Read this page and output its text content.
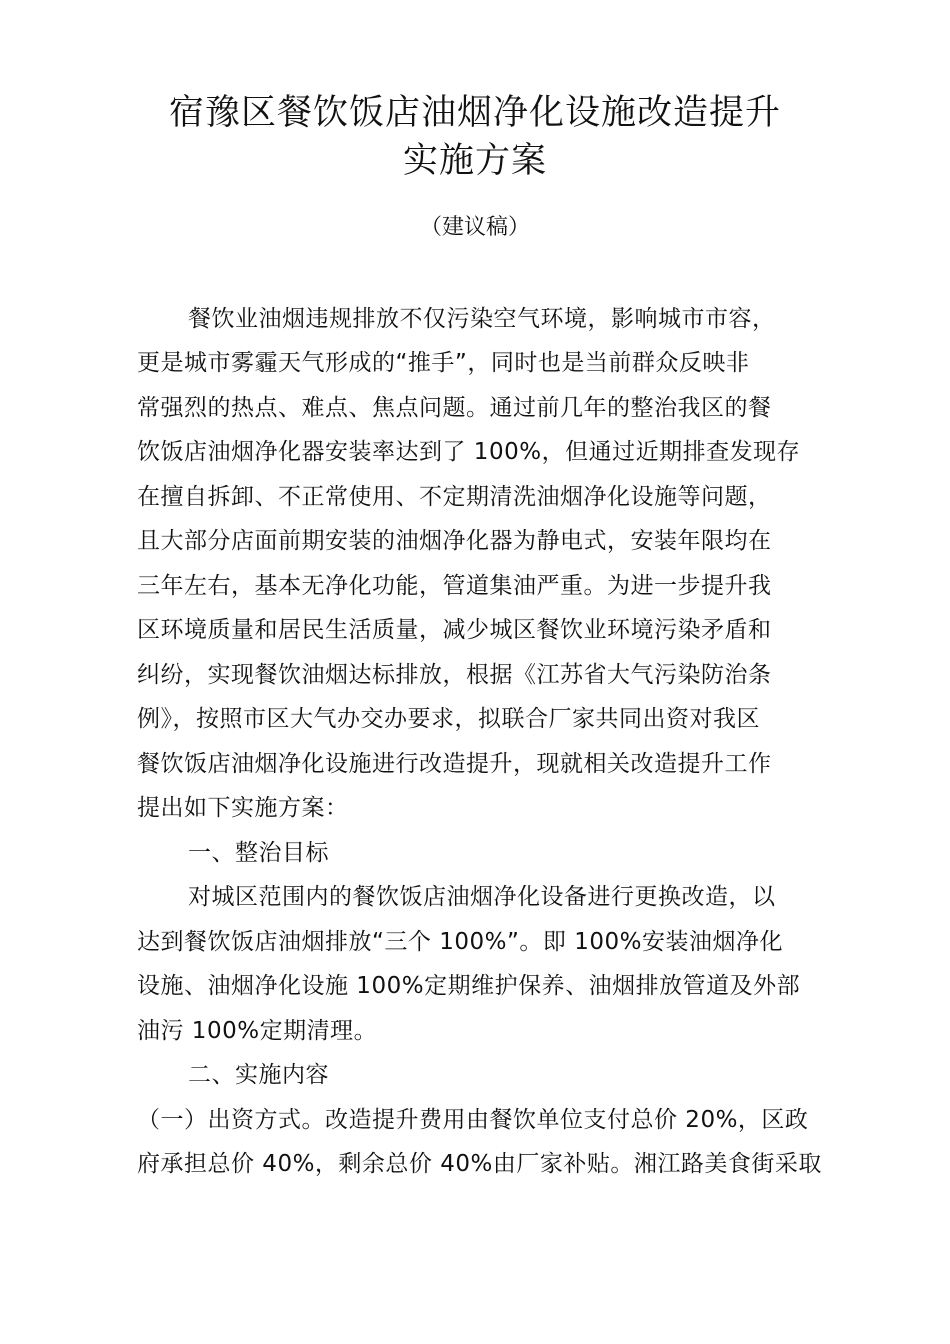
宿豫区餐饮饭店油烟净化设施改造提升
实施方案
（建议稿）
餐饮业油烟违规排放不仅污染空气环境，影响城市市容，
更是城市雾霾天气形成的“推手”，同时也是当前群众反映非
常强烈的热点、难点、焦点问题。通过前几年的整治我区的餐
饮饭店油烟净化器安装率达到了 100%，但通过近期排查发现存
在擅自拆卸、不正常使用、不定期清洗油烟净化设施等问题，
且大部分店面前期安装的油烟净化器为静电式，安装年限均在
三年左右，基本无净化功能，管道集油严重。为进一步提升我
区环境质量和居民生活质量，减少城区餐饮业环境污染矛盾和
纠纷，实现餐饮油烟达标排放，根据《江苏省大气污染防治条
例》，按照市区大气办交办要求，拟联合厂家共同出资对我区
餐饮饭店油烟净化设施进行改造提升，现就相关改造提升工作
提出如下实施方案：
一、整治目标
对城区范围内的餐饮饭店油烟净化设备进行更换改造，以
达到餐饮饭店油烟排放“三个 100%”。即 100%安装油烟净化
设施、油烟净化设施 100%定期维护保养、油烟排放管道及外部
油污 100%定期清理。
二、实施内容
（一）出资方式。改造提升费用由餐饮单位支付总价 20%，区政
府承担总价 40%，剩余总价 40%由厂家补贴。湘江路美食街采取
